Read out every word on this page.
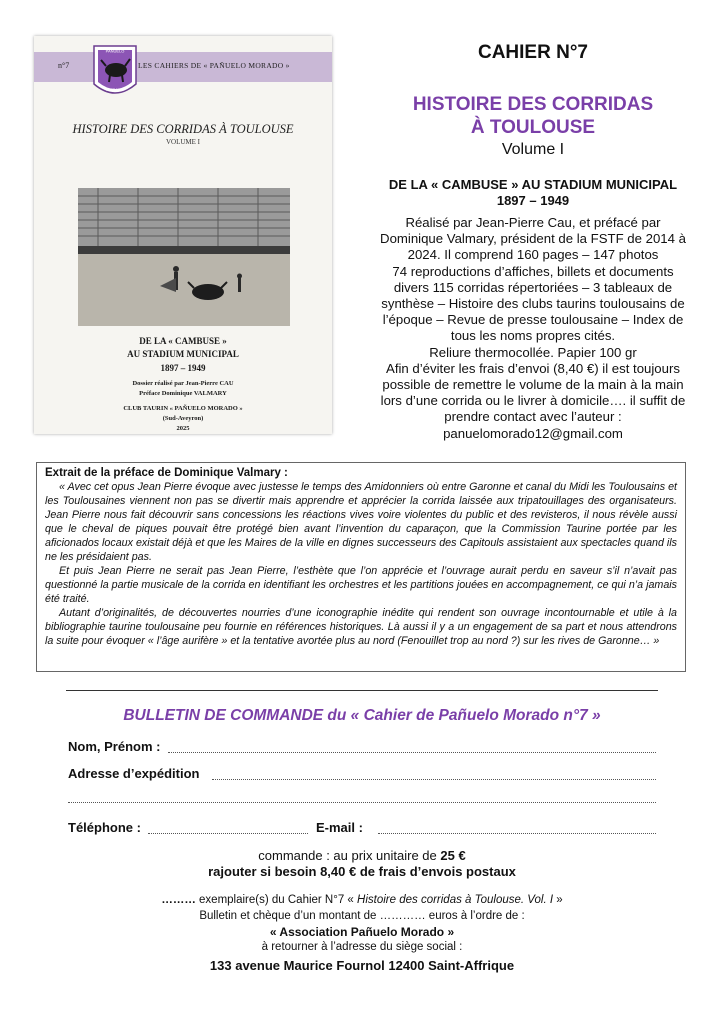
n°7	LES CAHIERS DE « PAÑUELO MORADO »
PAÑUELO
MORADO
HISTOIRE DES CORRIDAS À TOULOUSE
VOLUME I
DE LA « CAMBUSE »
AU STADIUM MUNICIPAL
1897 – 1949
Dossier réalisé par Jean-Pierre CAU
Préface Dominique VALMARY
CLUB TAURIN « PAÑUELO MORADO »
(Sud-Aveyron)
2025
CAHIER N°7
HISTOIRE DES CORRIDAS
À TOULOUSE
Volume I
DE LA « CAMBUSE » AU STADIUM MUNICIPAL
1897 – 1949
Réalisé par Jean-Pierre Cau, et préfacé par
Dominique Valmary, président de la FSTF de 2014 à
2024. Il comprend 160 pages – 147 photos
74 reproductions d’affiches, billets et documents
divers 115 corridas répertoriées – 3 tableaux de
synthèse – Histoire des clubs taurins toulousains de
l’époque – Revue de presse toulousaine – Index de
tous les noms propres cités.
Reliure thermocollée. Papier 100 gr
Afin d’éviter les frais d’envoi (8,40 €) il est toujours
possible de remettre le volume de la main à la main
lors d’une corrida ou le livrer à domicile…. il suffit de
prendre contact avec l’auteur :
panuelomorado12@gmail.com
Extrait de la préface de Dominique Valmary :

« Avec cet opus Jean Pierre évoque avec justesse le temps des Amidonniers où entre Garonne et canal du Midi les Toulousains et les Toulousaines viennent non pas se divertir mais apprendre et apprécier la corrida laissée aux tripatouillages des organisateurs. Jean Pierre nous fait découvrir sans concessions les réactions vives voire violentes du public et des revisteros, il nous révèle aussi que le cheval de piques pouvait être protégé bien avant l’invention du caparaçon, que la Commission Taurine portée par les aficionados locaux existait déjà et que les Maires de la ville en dignes successeurs des Capitouls assistaient aux spectacles quand ils ne les présidaient pas.

Et puis Jean Pierre ne serait pas Jean Pierre, l’esthète que l’on apprécie et l’ouvrage aurait perdu en saveur s’il n’avait pas questionné la partie musicale de la corrida en identifiant les orchestres et les partitions jouées en accompagnement, ce qui n’a jamais été traité.

Autant d’originalités, de découvertes nourries d’une iconographie inédite qui rendent son ouvrage incontournable et utile à la bibliographie taurine toulousaine peu fournie en références historiques. Là aussi il y a un engagement de sa part et nous attendrons la suite pour évoquer « l’âge aurifère » et la tentative avortée plus au nord (Fenouillet trop au nord ?) sur les rives de Garonne… »

BULLETIN DE COMMANDE du « Cahier de Pañuelo Morado n°7 »
Nom, Prénom :
Adresse d’expédition
Téléphone :	E-mail :
commande : au prix unitaire de 25 €
rajouter si besoin 8,40 € de frais d’envois postaux
……… exemplaire(s) du Cahier N°7 « Histoire des corridas à Toulouse. Vol. I »
Bulletin et chèque d’un montant de ………… euros à l’ordre de :
« Association Pañuelo Morado »
à retourner à l’adresse du siège social :
133 avenue Maurice Fournol 12400 Saint-Affrique
